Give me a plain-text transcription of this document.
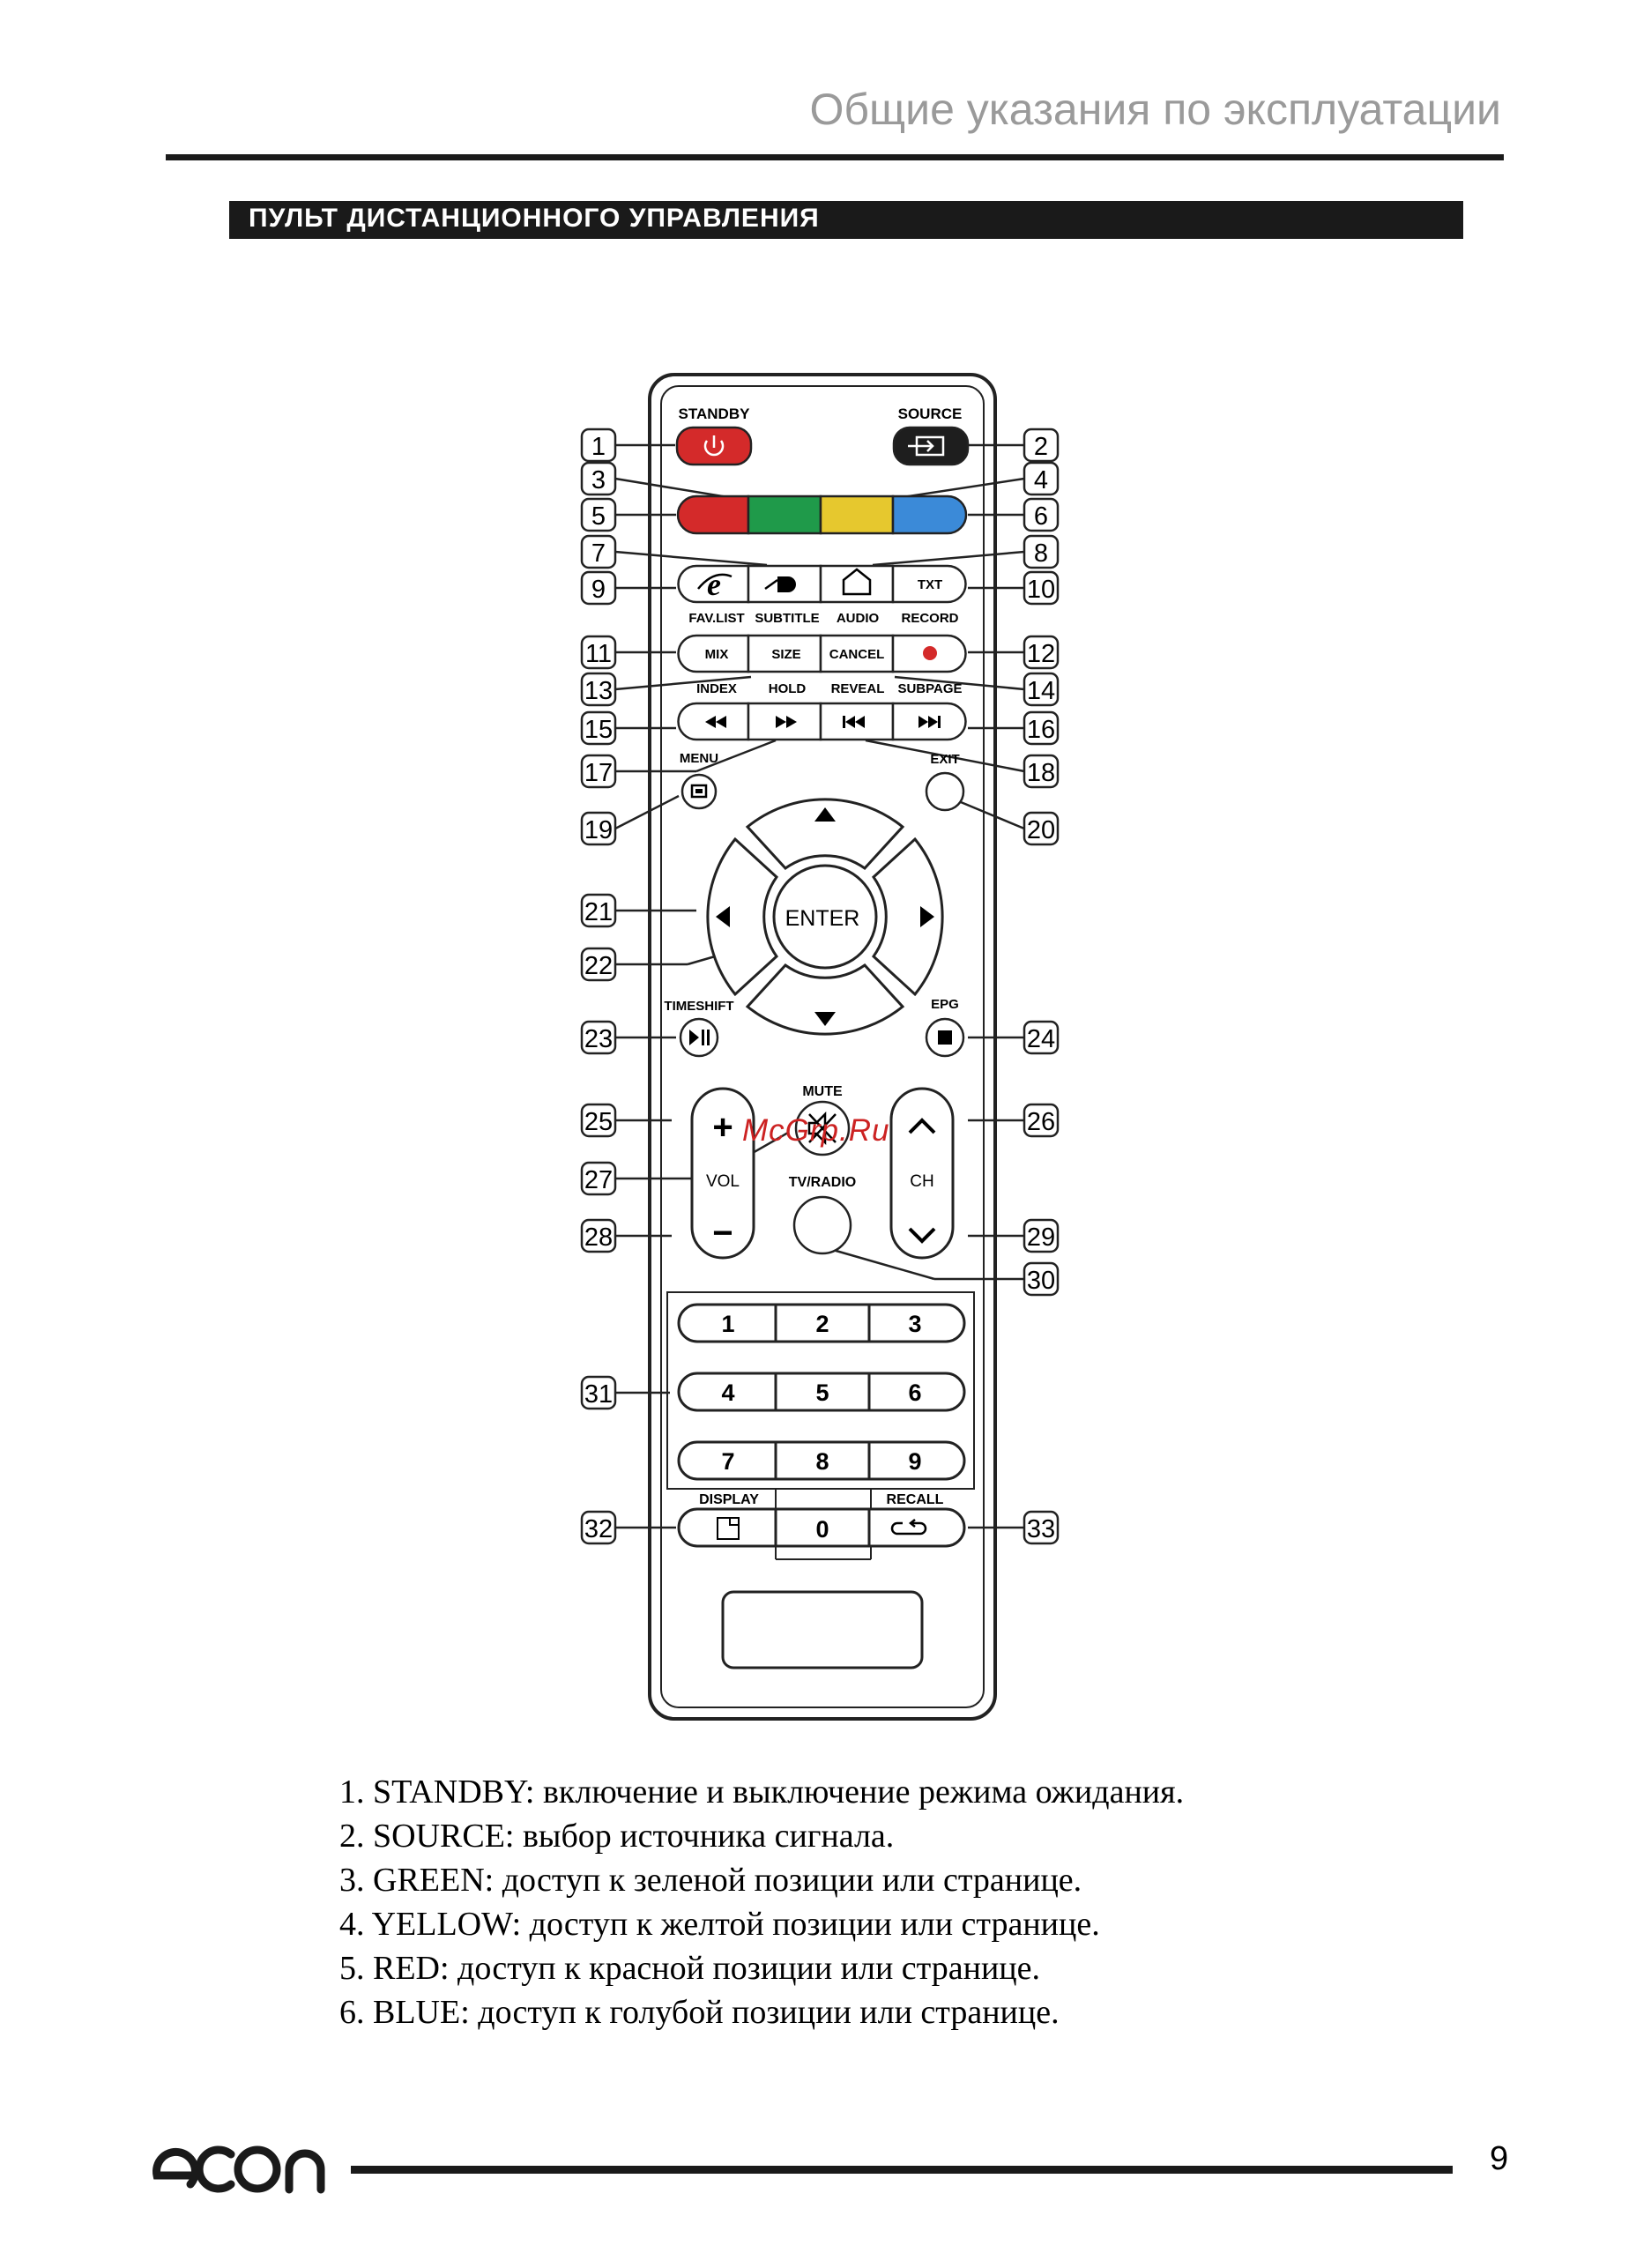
Общие указания по эксплуатации
ПУЛЬТ ДИСТАНЦИОННОГО УПРАВЛЕНИЯ
STANDBY	SOURCE
e	TXT
FAV.LIST SUBTITLE AUDIO RECORD
MIX	SIZE CANCEL
INDEX HOLD REVEAL SUBPAGE
MENU	EXIT
ENTER
TIMESHIFT	EPG
+
VOL
−
CH
MUTE
TV/RADIO
1	2	3
4	5	6
7	8	9
DISPLAY	RECALL
0
1	2
3	4
5	6
7	8
9	10
11	12
13	14
15	16
17	18
19	20
21
22
23	24
25	26
27
28	29
30
31
32	33
McGrp.Ru
1. STANDBY: включение и выключение режима ожидания.
2. SOURCE: выбор источника сигнала.
3. GREEN: доступ к зеленой позиции или странице.
4. YELLOW: доступ к желтой позиции или странице.
5. RED: доступ к красной позиции или странице.
6. BLUE: доступ к голубой позиции или странице.
9
